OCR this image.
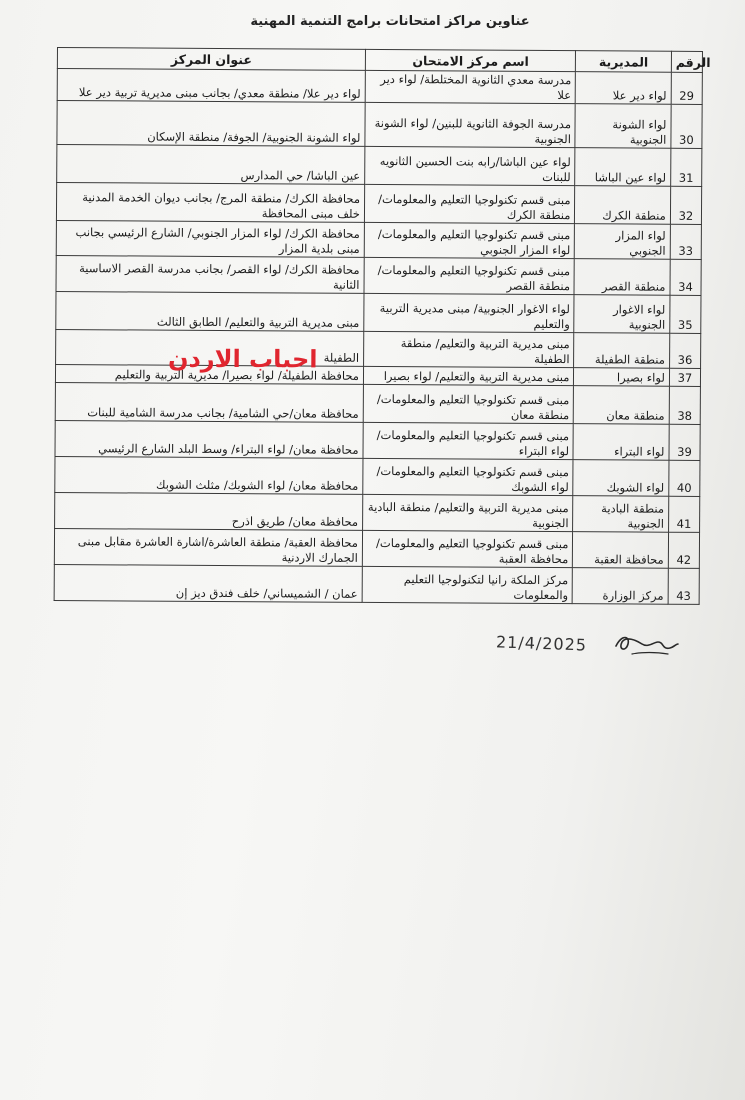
عناوين مراكز امتحانات برامج التنمية المهنية
عنوان المركز	اسم مركز الامتحان	المديرية	الرقم
لواء دير علا/ منطقة معدي/ بجانب مبنى مديرية تربية دير علا	مدرسة معدي الثانوية المختلطة/ لواء دير علا	لواء دير علا	29
لواء الشونة الجنوبية/ الجوفة/ منطقة الإسكان	مدرسة الجوفة الثانوية للبنين/ لواء الشونة الجنوبية	لواء الشونة الجنوبية	30
عين الباشا/ حي المدارس	لواء عين الباشا/رابه بنت الحسين الثانويه للبنات	لواء عين الباشا	31
محافظة الكرك/ منطقة المرج/ بجانب ديوان الخدمة المدنية خلف مبنى المحافظة	مبنى قسم تكنولوجيا التعليم والمعلومات/ منطقة الكرك	منطقة الكرك	32
محافظة الكرك/ لواء المزار الجنوبي/ الشارع الرئيسي بجانب مبنى بلدية المزار	مبنى قسم تكنولوجيا التعليم والمعلومات/ لواء المزار الجنوبي	لواء المزار الجنوبي	33
محافظة الكرك/ لواء القصر/ بجانب مدرسة القصر الاساسية الثانية	مبنى قسم تكنولوجيا التعليم والمعلومات/ منطقة القصر	منطقة القصر	34
مبنى مديرية التربية والتعليم/ الطابق الثالث	لواء الاغوار الجنوبية/ مبنى مديرية التربية والتعليم	لواء الاغوار الجنوبية	35
الطفيلة	مبنى مديرية التربية والتعليم/ منطقة الطفيلة	منطقة الطفيلة	36
محافظة الطفيلة/ لواء بصيرا/ مديرية التربية والتعليم	مبنى مديرية التربية والتعليم/ لواء بصيرا	لواء بصيرا	37
محافظة معان/حي الشامية/ بجانب مدرسة الشامية للبنات	مبنى قسم تكنولوجيا التعليم والمعلومات/ منطقة معان	منطقة معان	38
محافظة معان/ لواء البتراء/ وسط البلد الشارع الرئيسي	مبنى قسم تكنولوجيا التعليم والمعلومات/ لواء البتراء	لواء البتراء	39
محافظة معان/ لواء الشوبك/ مثلث الشوبك	مبنى قسم تكنولوجيا التعليم والمعلومات/ لواء الشوبك	لواء الشوبك	40
محافظة معان/ طريق اذرح	مبنى مديرية التربية والتعليم/ منطقة البادية الجنوبية	منطقة البادية الجنوبية	41
محافظة العقبة/ منطقة العاشرة/اشارة العاشرة مقابل مبنى الجمارك الاردنية	مبنى قسم تكنولوجيا التعليم والمعلومات/ محافظة العقبة	محافظة العقبة	42
عمان / الشميساني/ خلف فندق ديز إن	مركز الملكة رانيا لتكنولوجيا التعليم والمعلومات	مركز الوزارة	43
احباب الاردن
21/4/2025
